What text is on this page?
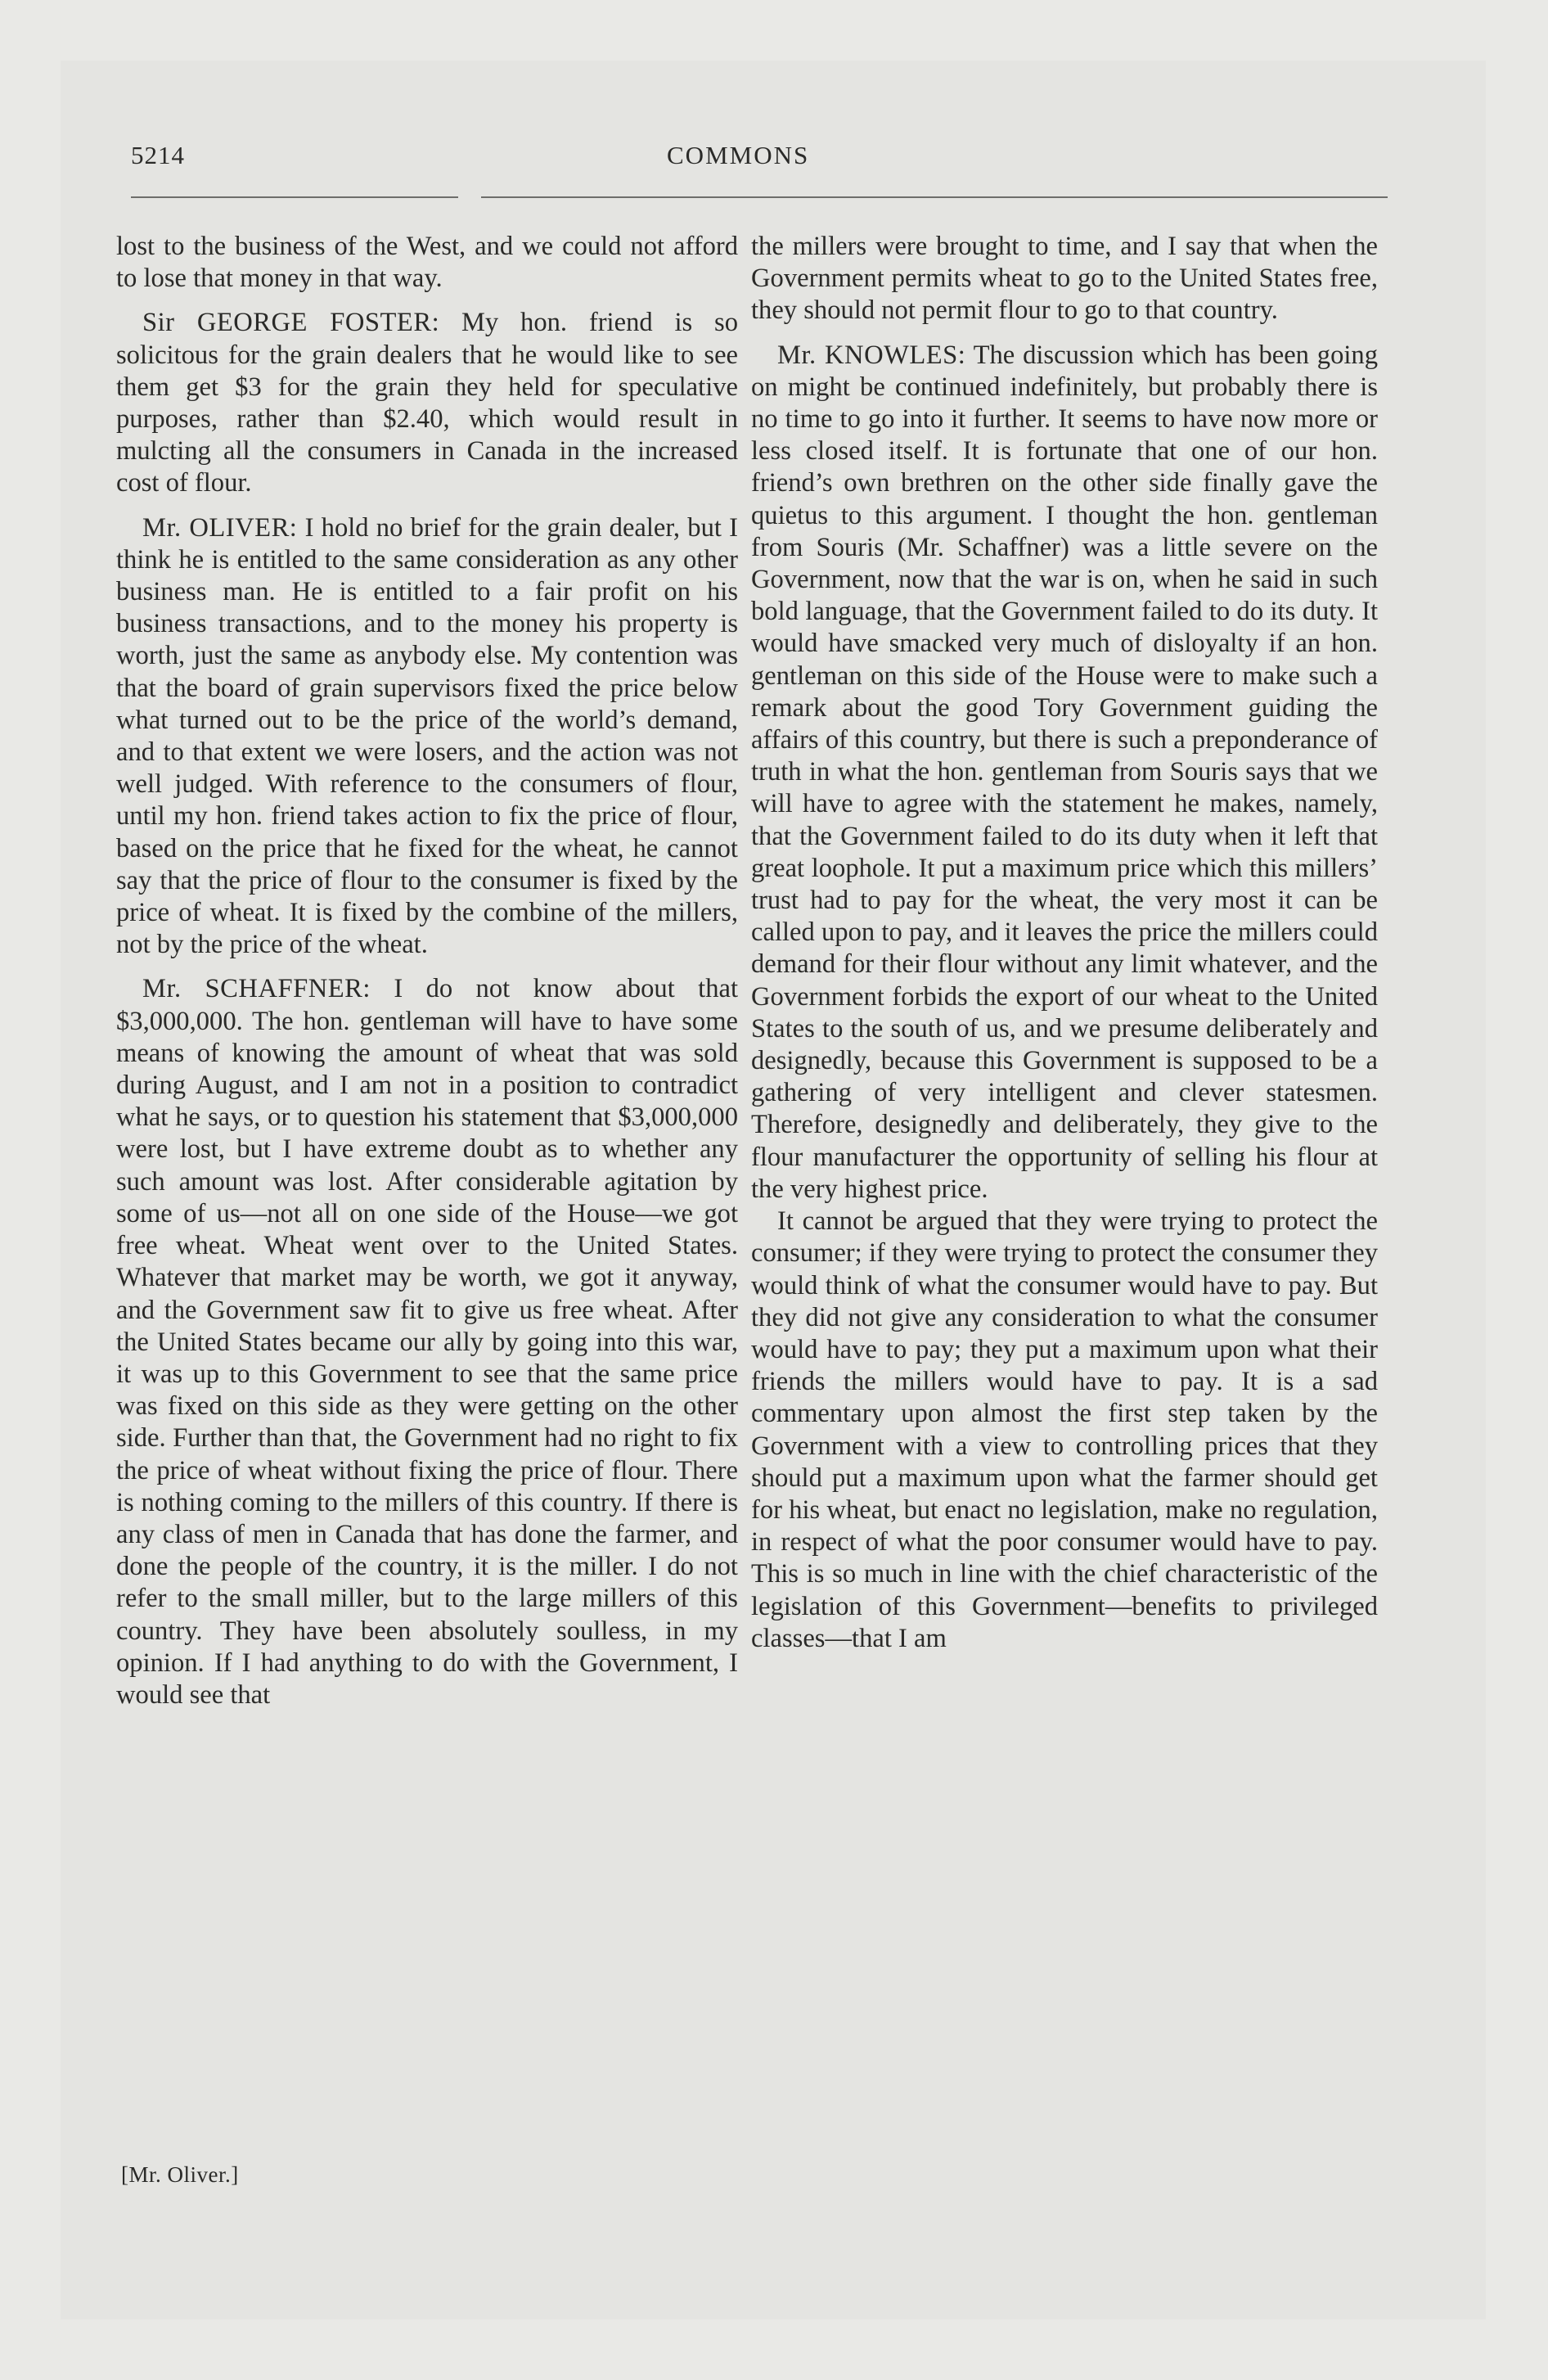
5214	COMMONS

lost to the business of the West, and we could not afford to lose that money in that way.

Sir GEORGE FOSTER: My hon. friend is so solicitous for the grain dealers that he would like to see them get $3 for the grain they held for speculative purposes, rather than $2.40, which would result in mulcting all the consumers in Canada in the increased cost of flour.

Mr. OLIVER: I hold no brief for the grain dealer, but I think he is entitled to the same consideration as any other business man. He is entitled to a fair profit on his business transactions, and to the money his property is worth, just the same as anybody else. My contention was that the board of grain supervisors fixed the price below what turned out to be the price of the world’s demand, and to that extent we were losers, and the action was not well judged. With reference to the consumers of flour, until my hon. friend takes action to fix the price of flour, based on the price that he fixed for the wheat, he cannot say that the price of flour to the consumer is fixed by the price of wheat. It is fixed by the combine of the millers, not by the price of the wheat.

Mr. SCHAFFNER: I do not know about that $3,000,000. The hon. gentleman will have to have some means of knowing the amount of wheat that was sold during August, and I am not in a position to contradict what he says, or to question his statement that $3,000,000 were lost, but I have extreme doubt as to whether any such amount was lost. After considerable agitation by some of us—not all on one side of the House—we got free wheat. Wheat went over to the United States. Whatever that market may be worth, we got it anyway, and the Government saw fit to give us free wheat. After the United States became our ally by going into this war, it was up to this Government to see that the same price was fixed on this side as they were getting on the other side. Further than that, the Government had no right to fix the price of wheat without fixing the price of flour. There is nothing coming to the millers of this country. If there is any class of men in Canada that has done the farmer, and done the people of the country, it is the miller. I do not refer to the small miller, but to the large millers of this country. They have been absolutely soulless, in my opinion. If I had anything to do with the Government, I would see that

the millers were brought to time, and I say that when the Government permits wheat to go to the United States free, they should not permit flour to go to that country.

Mr. KNOWLES: The discussion which has been going on might be continued indefinitely, but probably there is no time to go into it further. It seems to have now more or less closed itself. It is fortunate that one of our hon. friend’s own brethren on the other side finally gave the quietus to this argument. I thought the hon. gentleman from Souris (Mr. Schaffner) was a little severe on the Government, now that the war is on, when he said in such bold language, that the Government failed to do its duty. It would have smacked very much of disloyalty if an hon. gentleman on this side of the House were to make such a remark about the good Tory Government guiding the affairs of this country, but there is such a preponderance of truth in what the hon. gentleman from Souris says that we will have to agree with the statement he makes, namely, that the Government failed to do its duty when it left that great loophole. It put a maximum price which this millers’ trust had to pay for the wheat, the very most it can be called upon to pay, and it leaves the price the millers could demand for their flour without any limit whatever, and the Government forbids the export of our wheat to the United States to the south of us, and we presume deliberately and designedly, because this Government is supposed to be a gathering of very intelligent and clever statesmen. Therefore, designedly and deliberately, they give to the flour manufacturer the opportunity of selling his flour at the very highest price.

It cannot be argued that they were trying to protect the consumer; if they were trying to protect the consumer they would think of what the consumer would have to pay. But they did not give any consideration to what the consumer would have to pay; they put a maximum upon what their friends the millers would have to pay. It is a sad commentary upon almost the first step taken by the Government with a view to controlling prices that they should put a maximum upon what the farmer should get for his wheat, but enact no legislation, make no regulation, in respect of what the poor consumer would have to pay. This is so much in line with the chief characteristic of the legislation of this Government—benefits to privileged classes—that I am

[Mr. Oliver.]
